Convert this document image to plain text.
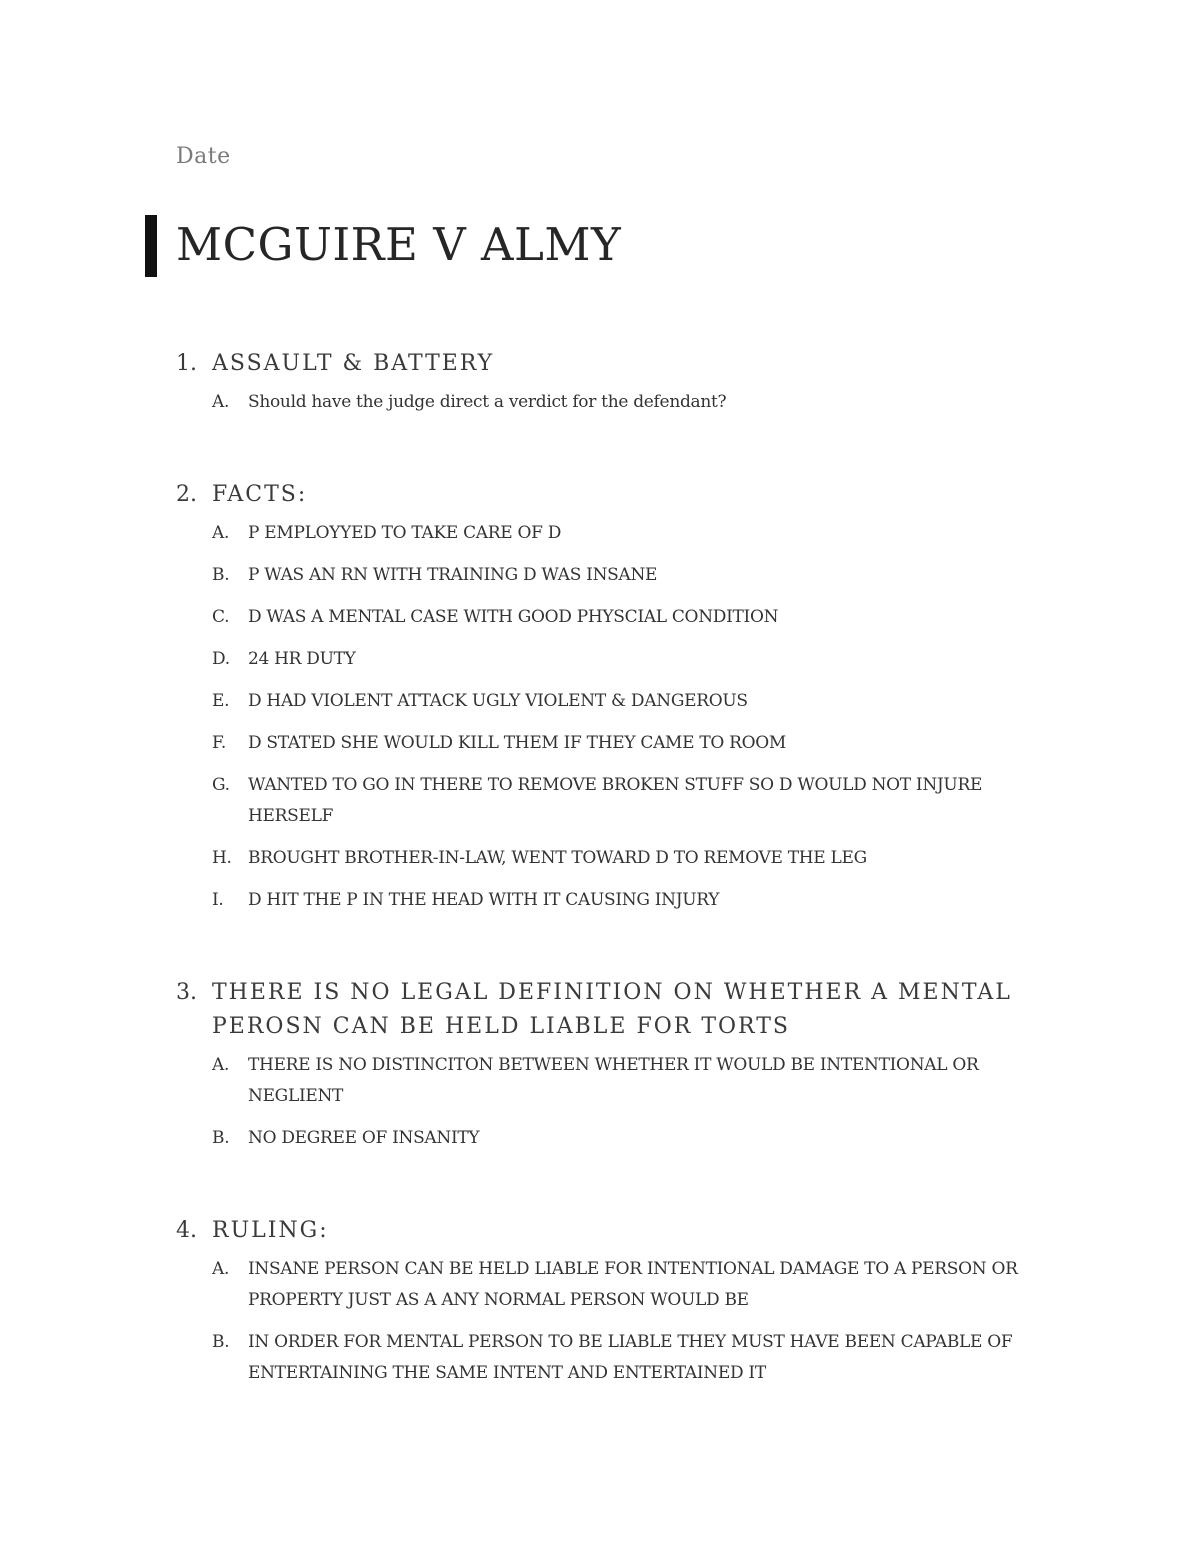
Date
MCGUIRE V ALMY
1. ASSAULT & BATTERY
A.	Should have the judge direct a verdict for the defendant?
2. FACTS:
A.	P EMPLOYYED TO TAKE CARE OF D
B.	P WAS AN RN WITH TRAINING D WAS INSANE
C.	D WAS A MENTAL CASE WITH GOOD PHYSCIAL CONDITION
D.	24 HR DUTY
E.	D HAD VIOLENT ATTACK UGLY VIOLENT & DANGEROUS
F.	D STATED SHE WOULD KILL THEM IF THEY CAME TO ROOM
G.	WANTED TO GO IN THERE TO REMOVE BROKEN STUFF SO D WOULD NOT INJURE HERSELF
H. BROUGHT BROTHER-IN-LAW, WENT TOWARD D TO REMOVE THE LEG
I.	D HIT THE P IN THE HEAD WITH IT CAUSING INJURY
3. THERE IS NO LEGAL DEFINITION ON WHETHER A MENTAL PEROSN CAN BE HELD LIABLE FOR TORTS
A.	THERE IS NO DISTINCITON BETWEEN WHETHER IT WOULD BE INTENTIONAL OR NEGLIENT
B.	NO DEGREE OF INSANITY
4. RULING:
A.	INSANE PERSON CAN BE HELD LIABLE FOR INTENTIONAL DAMAGE TO A PERSON OR PROPERTY JUST AS A ANY NORMAL PERSON WOULD BE
B.	IN ORDER FOR MENTAL PERSON TO BE LIABLE THEY MUST HAVE BEEN CAPABLE OF ENTERTAINING THE SAME INTENT AND ENTERTAINED IT
